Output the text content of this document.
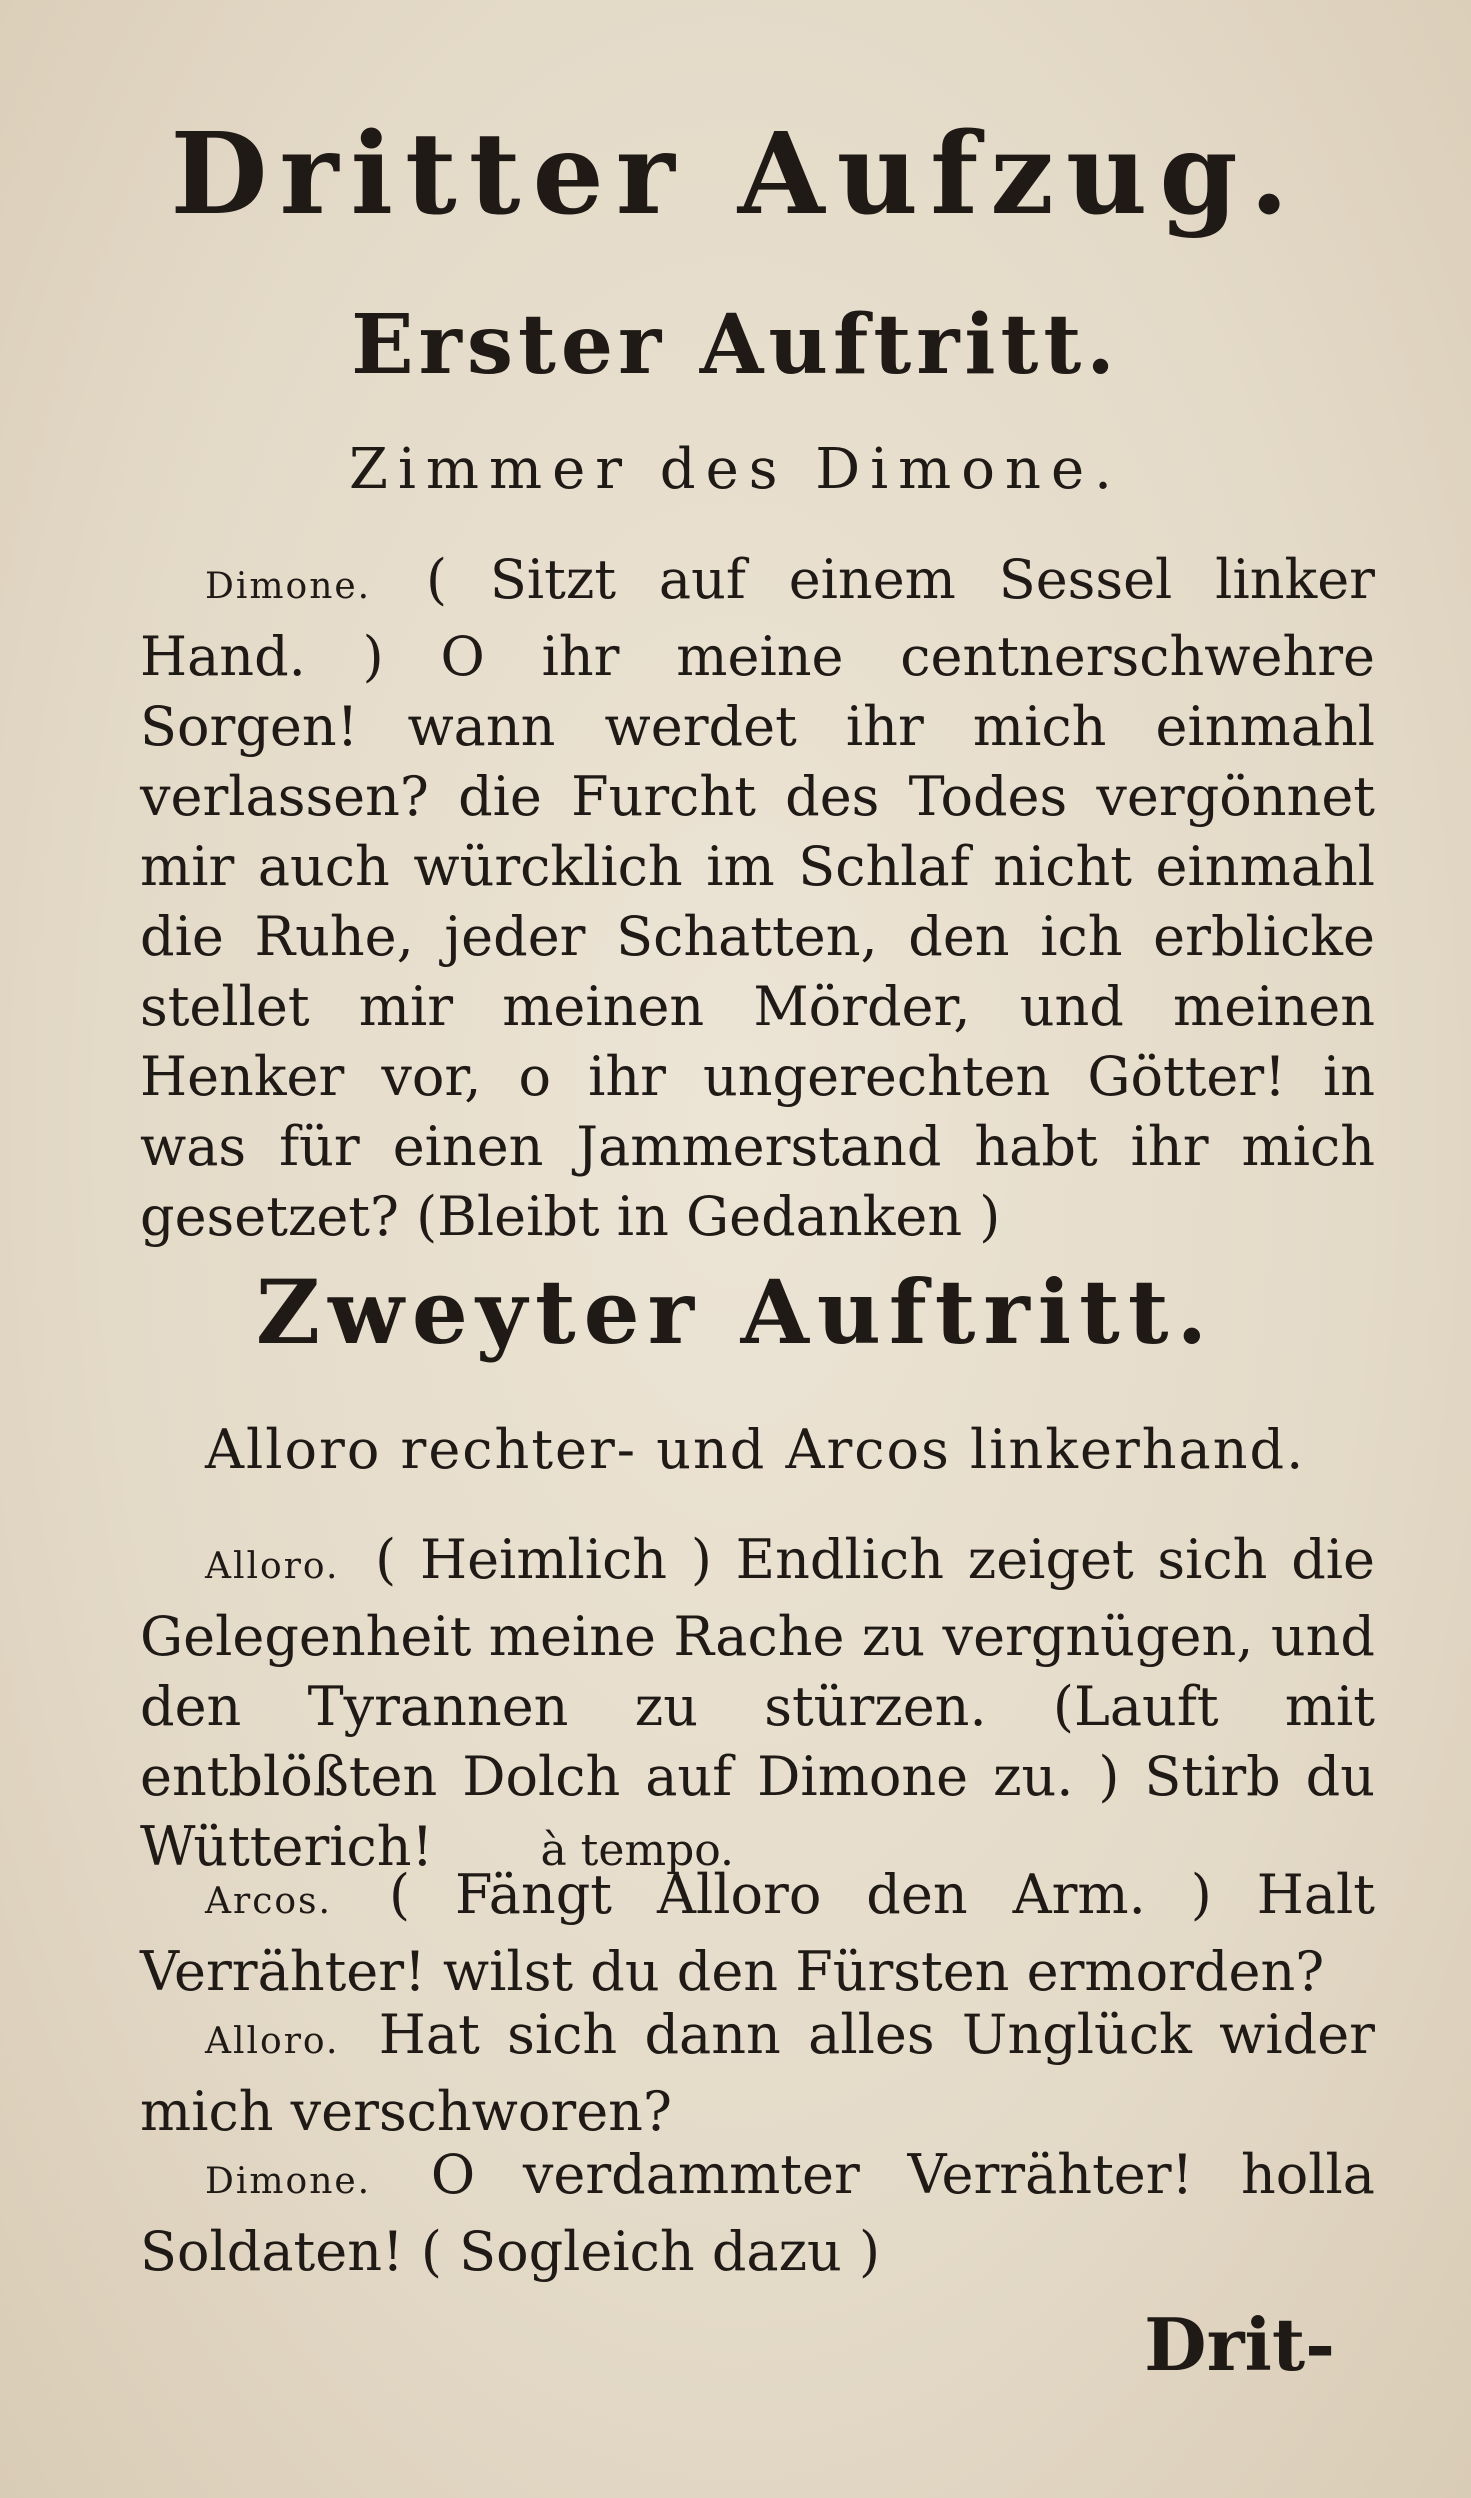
Dritter Aufzug.
Erster Auftritt.
Zimmer des Dimone.
Dimone. ( Sitzt auf einem Sessel linker Hand. ) O ihr meine centnerschwehre Sorgen! wann werdet ihr mich einmahl verlassen? die Furcht des Todes vergönnet mir auch würcklich im Schlaf nicht einmahl die Ruhe, jeder Schatten, den ich erblicke stellet mir meinen Mörder, und meinen Henker vor, o ihr ungerechten Götter! in was für einen Jammerstand habt ihr mich gesetzet? (Bleibt in Gedanken )
Zweyter Auftritt.
Alloro rechter- und Arcos linkerhand.
Alloro. ( Heimlich ) Endlich zeiget sich die Gelegenheit meine Rache zu vergnügen, und den Tyrannen zu stürzen. (Lauft mit entblößten Dolch auf Dimone zu. ) Stirb du Wütterich! à tempo.
Arcos. ( Fängt Alloro den Arm. ) Halt Verrähter! wilst du den Fürsten ermorden?
Alloro. Hat sich dann alles Unglück wider mich verschworen?
Dimone. O verdammter Verrähter! holla Soldaten! ( Sogleich dazu )
Drit-
